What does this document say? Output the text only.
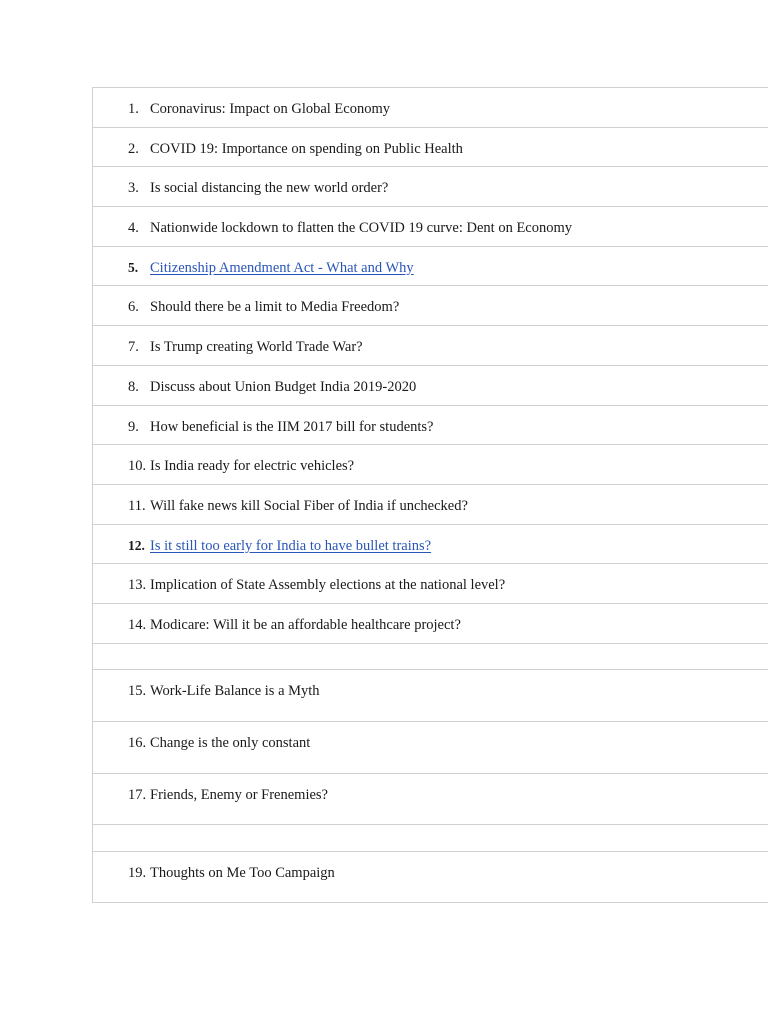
1. Coronavirus: Impact on Global Economy
2. COVID 19: Importance on spending on Public Health
3. Is social distancing the new world order?
4. Nationwide lockdown to flatten the COVID 19 curve: Dent on Economy
5. Citizenship Amendment Act - What and Why
6. Should there be a limit to Media Freedom?
7. Is Trump creating World Trade War?
8. Discuss about Union Budget India 2019-2020
9. How beneficial is the IIM 2017 bill for students?
10. Is India ready for electric vehicles?
11. Will fake news kill Social Fiber of India if unchecked?
12. Is it still too early for India to have bullet trains?
13. Implication of State Assembly elections at the national level?
14. Modicare: Will it be an affordable healthcare project?
15. Work-Life Balance is a Myth
16. Change is the only constant
17. Friends, Enemy or Frenemies?
19. Thoughts on Me Too Campaign
